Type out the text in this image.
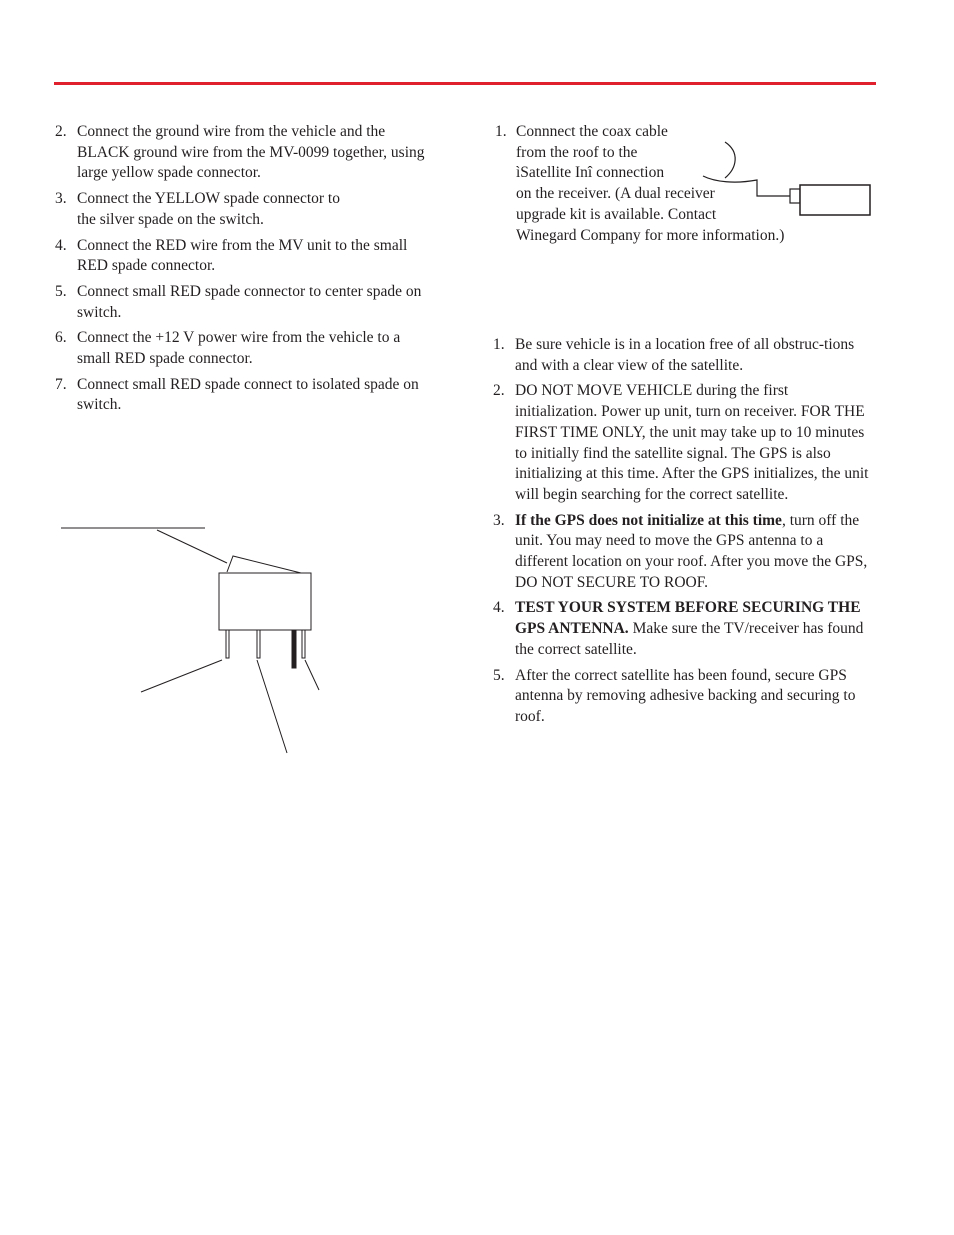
2. Connect the ground wire from the vehicle and the BLACK ground wire from the MV-0099 together, using large yellow spade connector.
3. Connect the YELLOW spade connector to
the silver spade on the switch.
4. Connect the RED wire from the MV unit to the small RED spade connector.
5. Connect small RED spade connector to center spade on switch.
6. Connect the +12 V power wire from the vehicle to a small RED spade connector.
7. Connect small RED spade connect to isolated spade on switch.
1. Connnect the coax cable
from the roof to the
ìSatellite Inî connection
on the receiver. (A dual receiver
upgrade kit is available. Contact
Winegard Company for more information.)
1. Be sure vehicle is in a location free of all obstruc-tions and with a clear view of the satellite.
2. DO NOT MOVE VEHICLE during the first initialization. Power up unit, turn on receiver. FOR THE FIRST TIME ONLY, the unit may take up to 10 minutes to initially find the satellite signal. The GPS is also initializing at this time. After the GPS initializes, the unit will begin searching for the correct satellite.
3. If the GPS does not initialize at this time, turn off the unit. You may need to move the GPS antenna to a different location on your roof. After you move the GPS, DO NOT SECURE TO ROOF.
4. TEST YOUR SYSTEM BEFORE SECURING THE GPS ANTENNA. Make sure the TV/receiver has found the correct satellite.
5. After the correct satellite has been found, secure GPS antenna by removing adhesive backing and securing to roof.
